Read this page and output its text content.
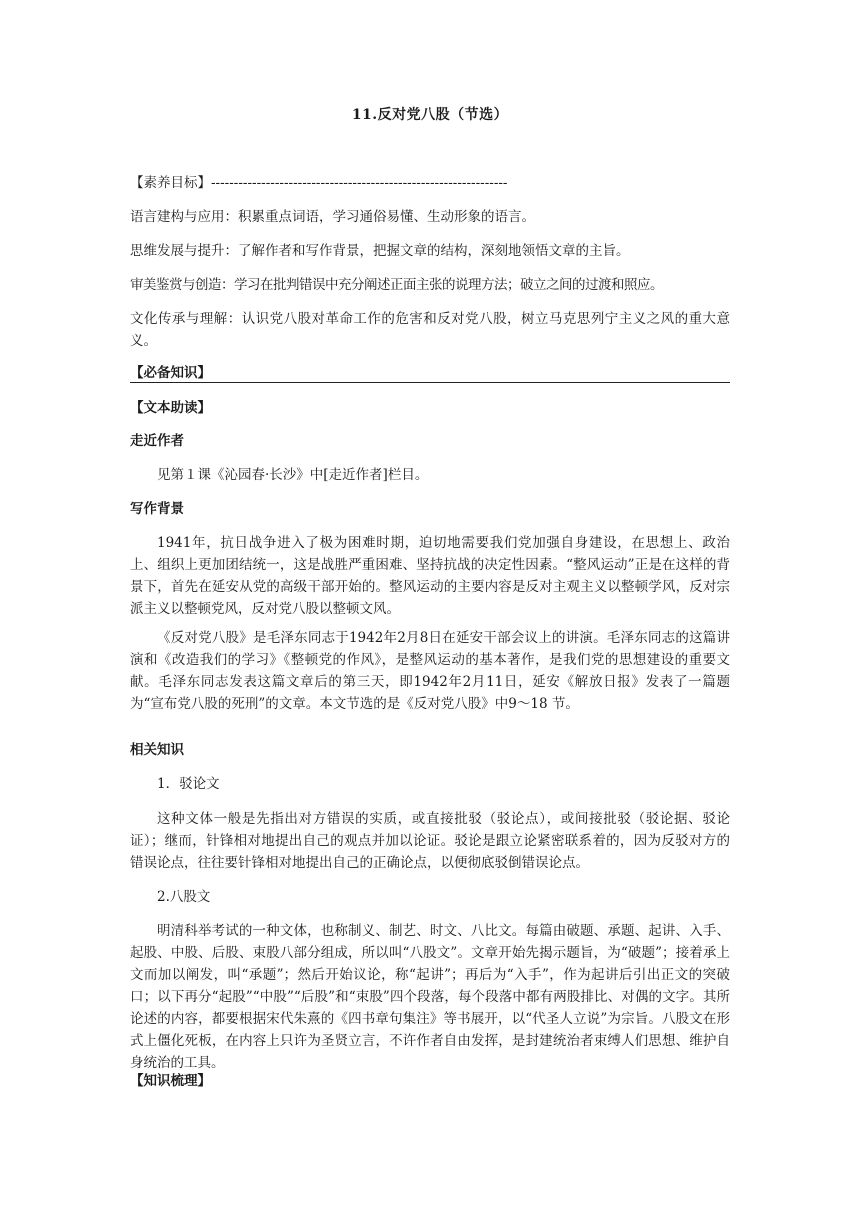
11.反对党八股（节选）
【素养目标】-----------------------------------------------------------------
语言建构与应用：积累重点词语，学习通俗易懂、生动形象的语言。
思维发展与提升：了解作者和写作背景，把握文章的结构，深刻地领悟文章的主旨。
审美鉴赏与创造：学习在批判错误中充分阐述正面主张的说理方法；破立之间的过渡和照应。
文化传承与理解：认识党八股对革命工作的危害和反对党八股，树立马克思列宁主义之风的重大意义。
【必备知识】
【文本助读】
走近作者
见第１课《沁园春·长沙》中[走近作者]栏目。
写作背景
1941年，抗日战争进入了极为困难时期，迫切地需要我们党加强自身建设，在思想上、政治上、组织上更加团结统一，这是战胜严重困难、坚持抗战的决定性因素。“整风运动”正是在这样的背景下，首先在延安从党的高级干部开始的。整风运动的主要内容是反对主观主义以整顿学风，反对宗派主义以整顿党风，反对党八股以整顿文风。
《反对党八股》是毛泽东同志于1942年2月8日在延安干部会议上的讲演。毛泽东同志的这篇讲演和《改造我们的学习》《整顿党的作风》，是整风运动的基本著作，是我们党的思想建设的重要文献。毛泽东同志发表这篇文章后的第三天，即1942年2月11日，延安《解放日报》发表了一篇题为“宣布党八股的死刑”的文章。本文节选的是《反对党八股》中9～18 节。
相关知识
1．驳论文
这种文体一般是先指出对方错误的实质，或直接批驳（驳论点），或间接批驳（驳论据、驳论证）；继而，针锋相对地提出自己的观点并加以论证。驳论是跟立论紧密联系着的，因为反驳对方的错误论点，往往要针锋相对地提出自己的正确论点，以便彻底驳倒错误论点。
2.八股文
明清科举考试的一种文体，也称制义、制艺、时文、八比文。每篇由破题、承题、起讲、入手、起股、中股、后股、束股八部分组成，所以叫“八股文”。文章开始先揭示题旨，为“破题”；接着承上文而加以阐发，叫“承题”；然后开始议论，称“起讲”；再后为“入手”，作为起讲后引出正文的突破口；以下再分“起股”“中股”“后股”和“束股”四个段落，每个段落中都有两股排比、对偶的文字。其所论述的内容，都要根据宋代朱熹的《四书章句集注》等书展开，以“代圣人立说”为宗旨。八股文在形式上僵化死板，在内容上只许为圣贤立言，不许作者自由发挥，是封建统治者束缚人们思想、维护自身统治的工具。
【知识梳理】
